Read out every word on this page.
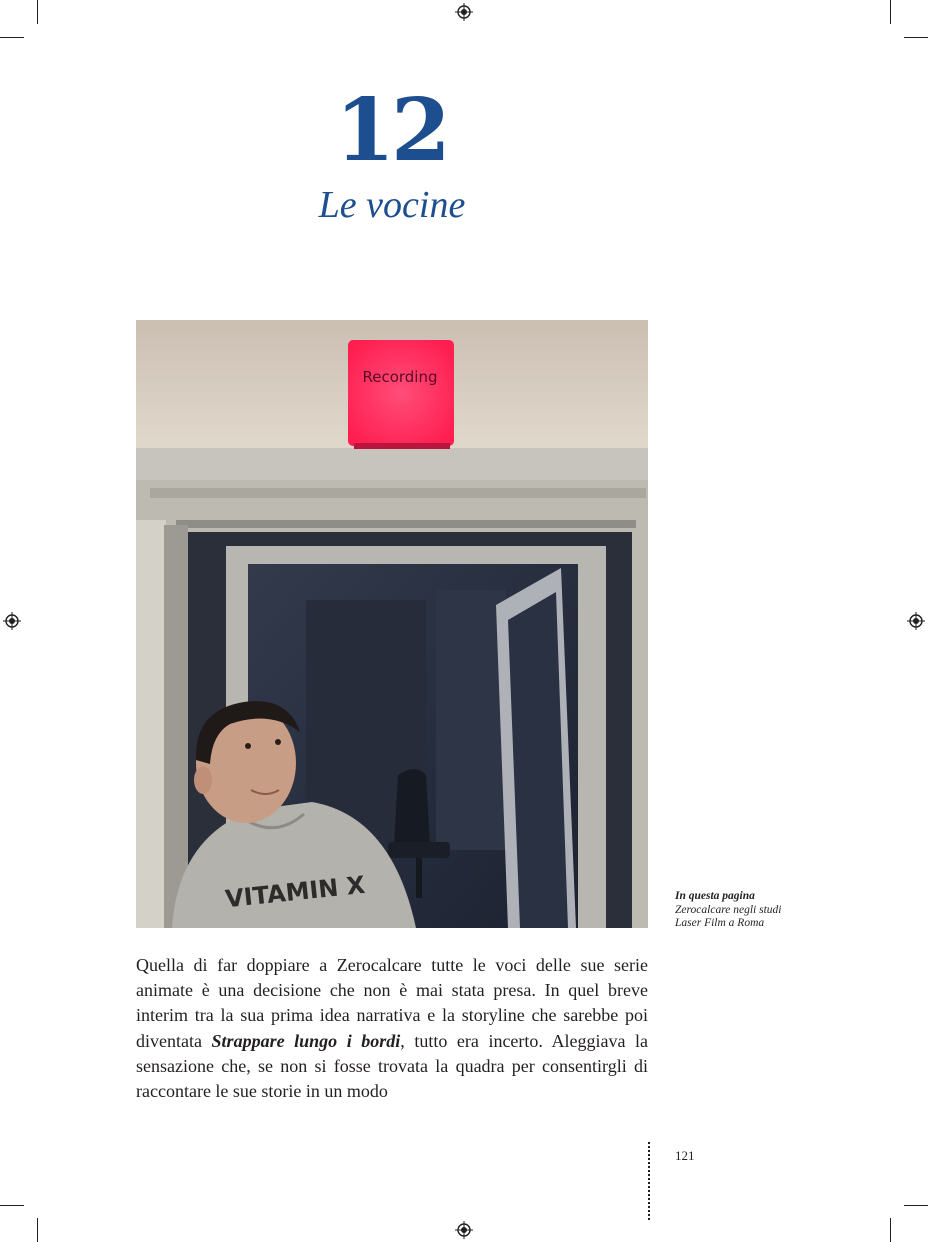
12
Le vocine
Recording
VITAMIN X	In questa pagina
Zerocalcare negli studi
Laser Film a Roma
Quella di far doppiare a Zerocalcare tutte le voci delle sue serie animate è una decisione che non è mai stata presa. In quel breve interim tra la sua prima idea narrativa e la storyline che sarebbe poi diventata Strappare lungo i bordi, tutto era incerto. Aleggiava la sensazione che, se non si fosse trovata la quadra per consentirgli di raccontare le sue storie in un modo
121
